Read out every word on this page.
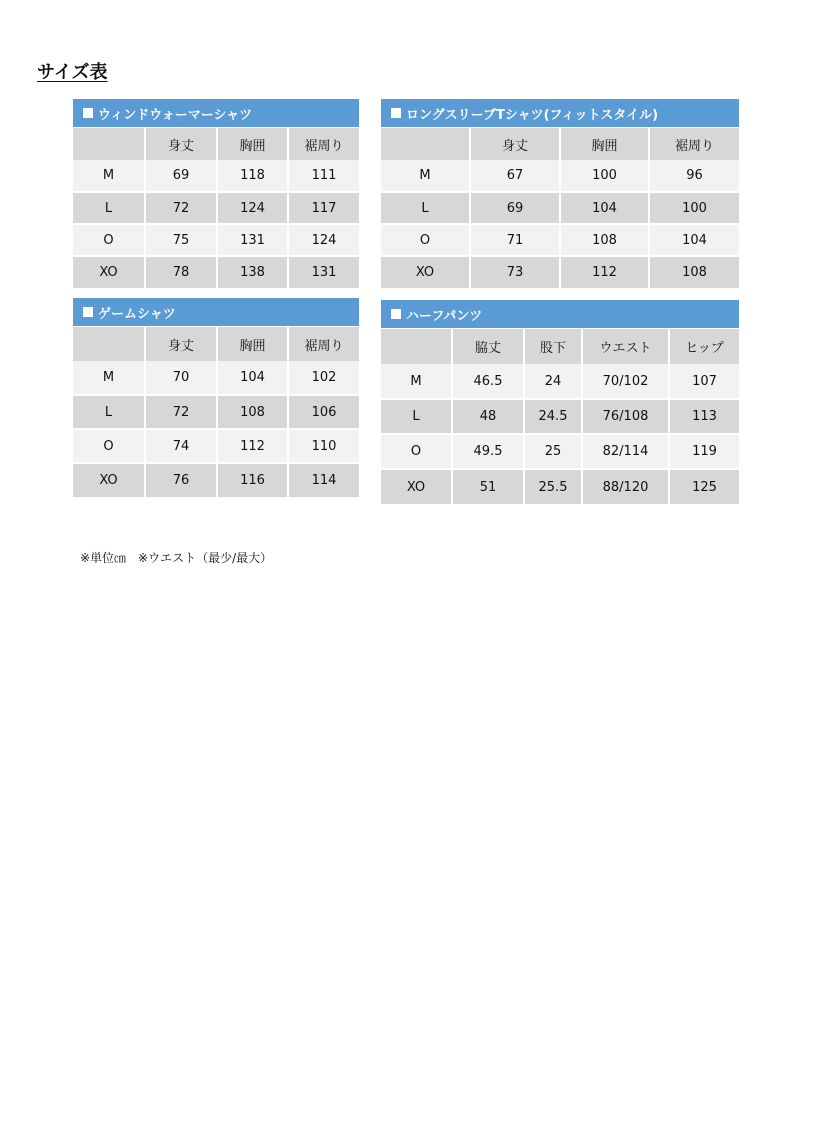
サイズ表
ウィンドウォーマーシャツ
	身丈	胸囲	裾周り
M	69	118	111
L	72	124	117
O	75	131	124
XO	78	138	131
ロングスリーブTシャツ(フィットスタイル)
	身丈	胸囲	裾周り
M	67	100	96
L	69	104	100
O	71	108	104
XO	73	112	108
ゲームシャツ
	身丈	胸囲	裾周り
M	70	104	102
L	72	108	106
O	74	112	110
XO	76	116	114
ハーフパンツ
	脇丈	股下	ウエスト	ヒップ
M	46.5	24	70/102	107
L	48	24.5	76/108	113
O	49.5	25	82/114	119
XO	51	25.5	88/120	125
※単位㎝　※ウエスト（最少/最大）
